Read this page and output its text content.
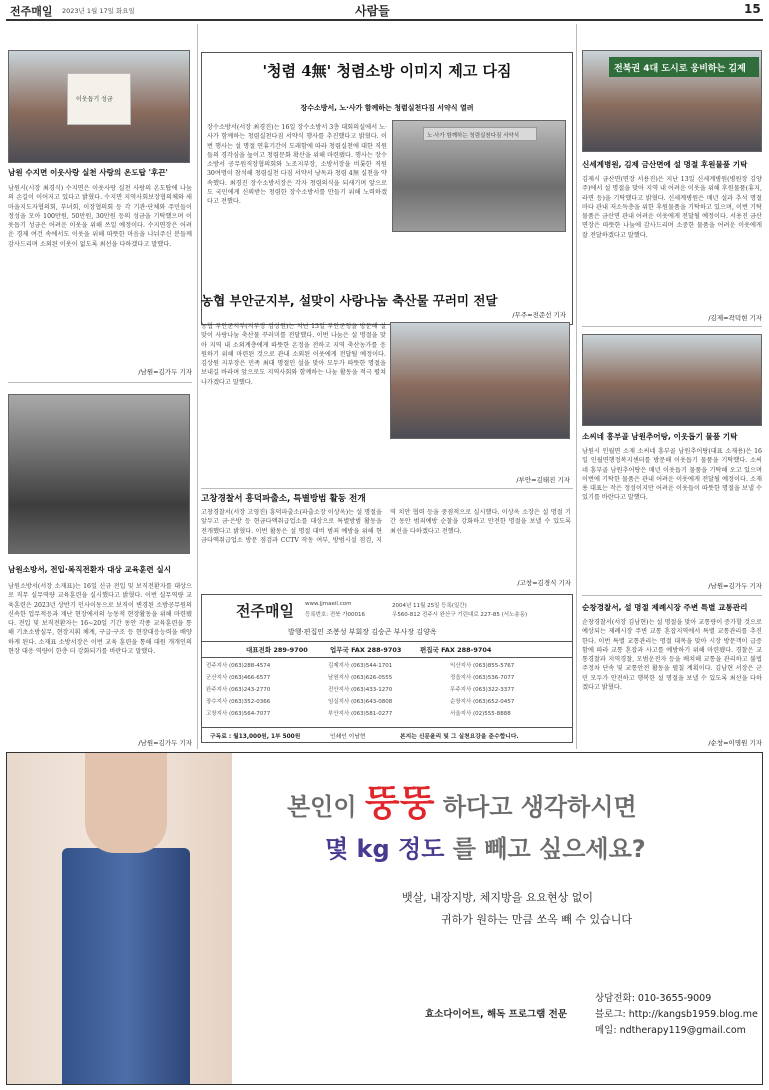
전주매일 2023년 1월 17일 화요일	사람들	15
이웃돕기 성금
남원 수지면 이웃사랑 실천 사랑의 온도탑 '후끈'
남원시(시장 최경식) 수지면은 이웃사랑 실천 사랑의 온도탑에 나눔의 손길이 이어지고 있다고 밝혔다. 수지면 지역사회보장협의체와 새마을지도자협의회, 부녀회, 이장협의회 등 각 기관·단체와 주민들이 정성을 모아 100만원, 50만원, 30만원 등의 성금을 기탁했으며 이웃돕기 성금은 어려운 이웃을 위해 쓰일 예정이다. 수지면장은 어려운 경제 여건 속에서도 이웃을 위해 따뜻한 마음을 나눠주신 분들께 감사드리며 소외된 이웃이 없도록 최선을 다하겠다고 말했다.
/남원=김가두 기자
남원소방서, 전입·복직전환자 대상 교육훈련 실시
남원소방서(서장 소재표)는 16일 신규 전입 및 보직전환자를 대상으로 직무 실무역량 교육훈련을 실시했다고 밝혔다. 이번 실무역량 교육훈련은 2023년 상반기 인사이동으로 보직이 변경된 소방공무원의 신속한 업무적응과 재난 현장에서의 능동적 현장활동을 위해 마련됐다. 전입 및 보직전환자는 16~20일 기간 동안 각종 교육훈련을 통해 기초소방실무, 현장지휘 체계, 구급·구조 등 현장대응능력을 배양하게 된다. 소재표 소방서장은 이번 교육 훈련을 통해 대원 개개인의 현장 대응 역량이 한층 더 강화되기를 바란다고 말했다.
/남원=김가두 기자
'청렴 4無' 청렴소방 이미지 제고 다짐
장수소방서, 노·사가 함께하는 청렴실천다짐 서약식 열려
장수소방서(서장 최경진)는 16일 장수소방서 3층 대회의실에서 노·사가 함께하는 청렴실천다짐 서약식 행사를 추진했다고 밝혔다. 이번 행사는 설 명절 연휴기간이 도래함에 따라 청렴실천에 대한 직원들의 경각심을 높이고 청렴문화 확산을 위해 마련됐다. 행사는 장수소방서 공무원직장협의회와 노조지부장, 소방서장을 비롯한 직원 30여명이 참석해 청렴실천 다짐 서약서 낭독과 청렴 4無 실천을 약속했다. 최경진 장수소방서장은 각자 청렴의식을 되새기며 앞으로도 국민에게 신뢰받는 청렴한 장수소방서를 만들기 위해 노력하겠다고 전했다.
노·사가 함께하는 청렴실천다짐 서약식
/무주=전준선 기자
농협 부안군지부, 설맞이 사랑나눔 축산물 꾸러미 전달
농협 부안군지부(지부장 김상원)는 지난 13일 부안군청을 방문해 설맞이 사랑나눔 축산물 꾸러미를 전달했다. 이번 나눔은 설 명절을 맞아 지역 내 소외계층에게 따뜻한 온정을 전하고 지역 축산농가를 응원하기 위해 마련된 것으로 관내 소외된 이웃에게 전달될 예정이다. 김상원 지부장은 민족 최대 명절인 설을 맞아 모두가 따뜻한 명절을 보내길 바라며 앞으로도 지역사회와 함께하는 나눔 활동을 적극 펼쳐나가겠다고 말했다.
/부안=김태진 기자
고창경찰서 흥덕파출소, 특별방범 활동 전개
고창경찰서(서장 고영진) 흥덕파출소(파출소장 이상옥)는 설 명절을 앞두고 금·은방 등 현금다액취급업소를 대상으로 특별방범 활동을 전개했다고 밝혔다. 이번 활동은 설 명절 대비 범죄 예방을 위해 현금다액취급업소 방문 점검과 CCTV 작동 여부, 방범시설 점검, 지역 치안 협력 등을 중점적으로 실시했다. 이상옥 소장은 설 명절 기간 동안 범죄예방 순찰을 강화하고 안전한 명절을 보낼 수 있도록 최선을 다하겠다고 전했다.
/고창=김경식 기자
전주매일 www.jjmaeil.com
등록번호: 전북 가00016
2004년 11월 25일 등록(일간)
우560-812 전주시 완산구 기린대로 227-85 (서노송동)
발행·편집인 조봉성 부회장 김승곤 부사장 김양옥
대표전화 289-9700	업무국 FAX 288-9703	편집국 FAX 288-9704
전주지사 (063)288-4574	김제지사 (063)544-1701	익산지사 (063)855-5767
군산지사 (063)466-6577	남원지사 (063)626-0555	정읍지사 (063)536-7077
완주지사 (063)243-2770	진안지사 (063)433-1270	무주지사 (063)322-3377
장수지사 (063)352-0366	임실지사 (063)643-0808	순창지사 (063)652-0457
고창지사 (063)564-7077	부안지사 (063)581-0277	서울지사 (02)555-8888
구독료 : 월13,000원, 1부 500원	인쇄인 이남현	본지는 신문윤리 및 그 실천요강을 준수합니다.
전북권 4대 도시로 웅비하는 김제
신세계병원, 김제 금산면에 설 명절 후원물품 기탁
김제시 금산면(면장 서용진)은 지난 13일 신세계병원(병원장 김양주)에서 설 명절을 맞아 지역 내 어려운 이웃을 위해 후원물품(휴지, 라면 등)을 기탁했다고 밝혔다. 신세계병원은 매년 설과 추석 명절마다 관내 저소득층을 위한 후원물품을 기탁하고 있으며, 이번 기탁 물품은 금산면 관내 어려운 이웃에게 전달될 예정이다. 서용진 금산면장은 따뜻한 나눔에 감사드리며 소중한 물품을 어려운 이웃에게 잘 전달하겠다고 말했다.
/김제=곽덕현 기자
소씨네 흥부골 남원추어탕, 이웃돕기 물품 기탁
남원시 인월면 소재 소씨네 흥부골 남원추어탕(대표 소재용)은 16일 인월면행정복지센터를 방문해 이웃돕기 물품을 기탁했다. 소씨네 흥부골 남원추어탕은 매년 이웃돕기 물품을 기탁해 오고 있으며 이번에 기탁한 물품은 관내 어려운 이웃에게 전달될 예정이다. 소재용 대표는 작은 정성이지만 어려운 이웃들이 따뜻한 명절을 보낼 수 있기를 바란다고 말했다.
/남원=김가두 기자
순창경찰서, 설 명절 제례시장 주변 특별 교통관리
순창경찰서(서장 김남현)는 설 명절을 맞아 교통량이 증가할 것으로 예상되는 제례시장 주변 교통 혼잡지역에서 특별 교통관리를 추진한다. 이번 특별 교통관리는 명절 대목을 맞아 시장 방문객이 급증함에 따라 교통 혼잡과 사고를 예방하기 위해 마련됐다. 경찰은 교통경찰과 지역경찰, 모범운전자 등을 배치해 교통을 관리하고 불법 주정차 단속 및 교통안전 활동을 펼칠 계획이다. 김남현 서장은 군민 모두가 안전하고 행복한 설 명절을 보낼 수 있도록 최선을 다하겠다고 밝혔다.
/순창=이명원 기자
본인이 뚱뚱 하다고 생각하시면
몇 kg 정도 를 빼고 싶으세요?
뱃살, 내장지방, 체지방을 요요현상 없이
귀하가 원하는 만큼 쏘옥 빼 수 있습니다
효소다이어트, 해독 프로그램 전문
상담전화: 010-3655-9009
블로그: http://kangsb1959.blog.me
메일: ndtherapy119@gmail.com
